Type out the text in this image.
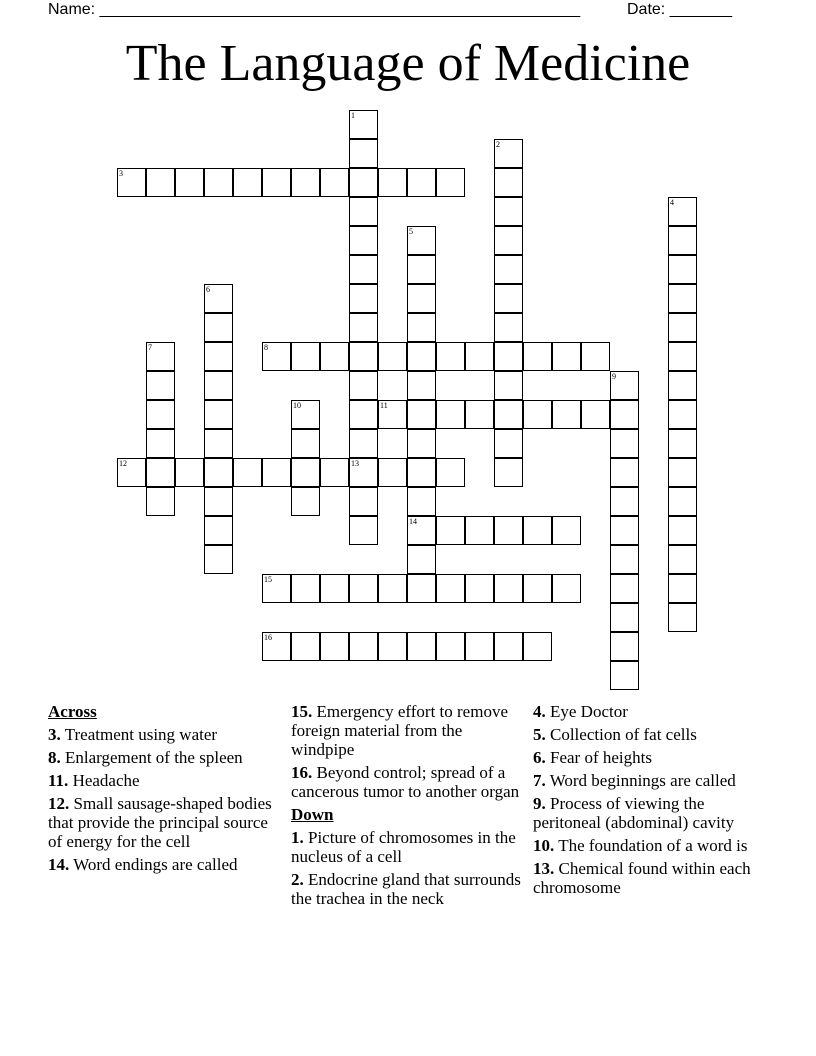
Name: ______________________________________________________	Date: _______
The Language of Medicine
3
8
11
12	13
14
15
16
1
2
4
5
6
7
9
10
Across
3. Treatment using water
8. Enlargement of the spleen
11. Headache
12. Small sausage-shaped bodies that provide the principal source of energy for the cell
14. Word endings are called
15. Emergency effort to remove foreign material from the windpipe
16. Beyond control; spread of a cancerous tumor to another organ
Down
1. Picture of chromosomes in the nucleus of a cell
2. Endocrine gland that surrounds the trachea in the neck
4. Eye Doctor
5. Collection of fat cells
6. Fear of heights
7. Word beginnings are called
9. Process of viewing the peritoneal (abdominal) cavity
10. The foundation of a word is
13. Chemical found within each chromosome
